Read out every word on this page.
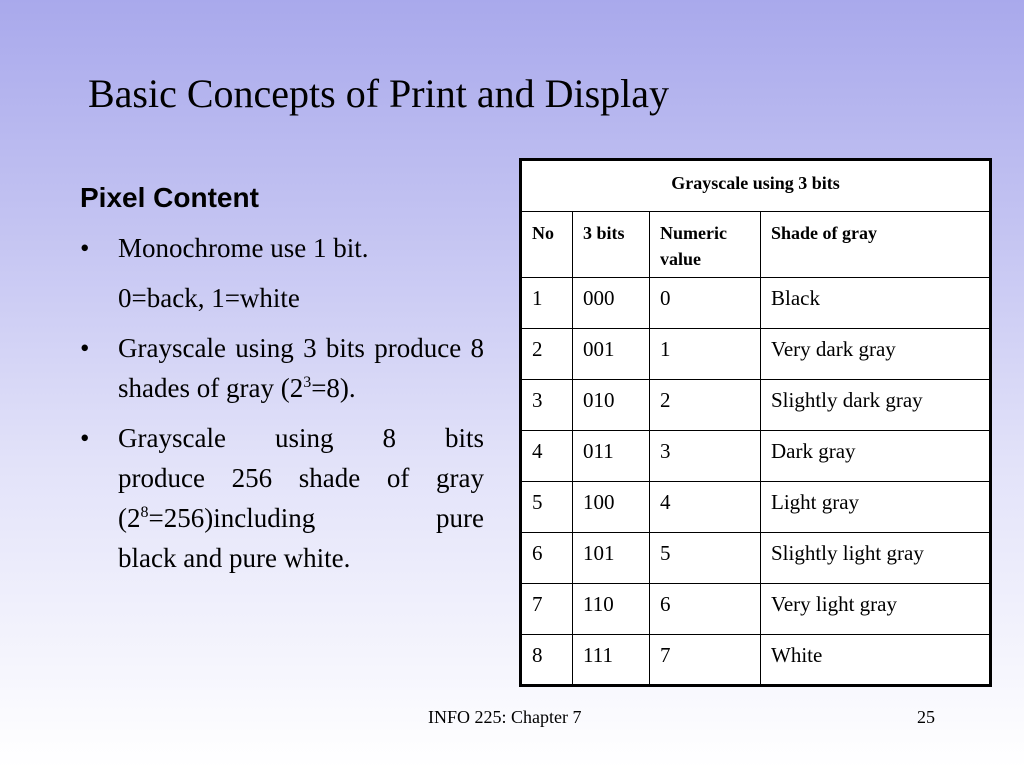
Basic Concepts of Print and Display
Pixel Content
• Monochrome use 1 bit.
0=back, 1=white
• Grayscale using 3 bits produce 8 shades of gray $(2^3=8)$.
• Grayscale using 8 bits
produce 256 shade of gray
$(2^8=256)including$ pure
black and pure white.
Grayscale using 3 bits			
No	3 bits	Numeric value	Shade of gray
1	000	0	Black
2	001	1	Very dark gray
3	010	2	Slightly dark gray
4	011	3	Dark gray
5	100	4	Light gray
6	101	5	Slightly light gray
7	110	6	Very light gray
8	111	7	White
INFO 225: Chapter 7	25
